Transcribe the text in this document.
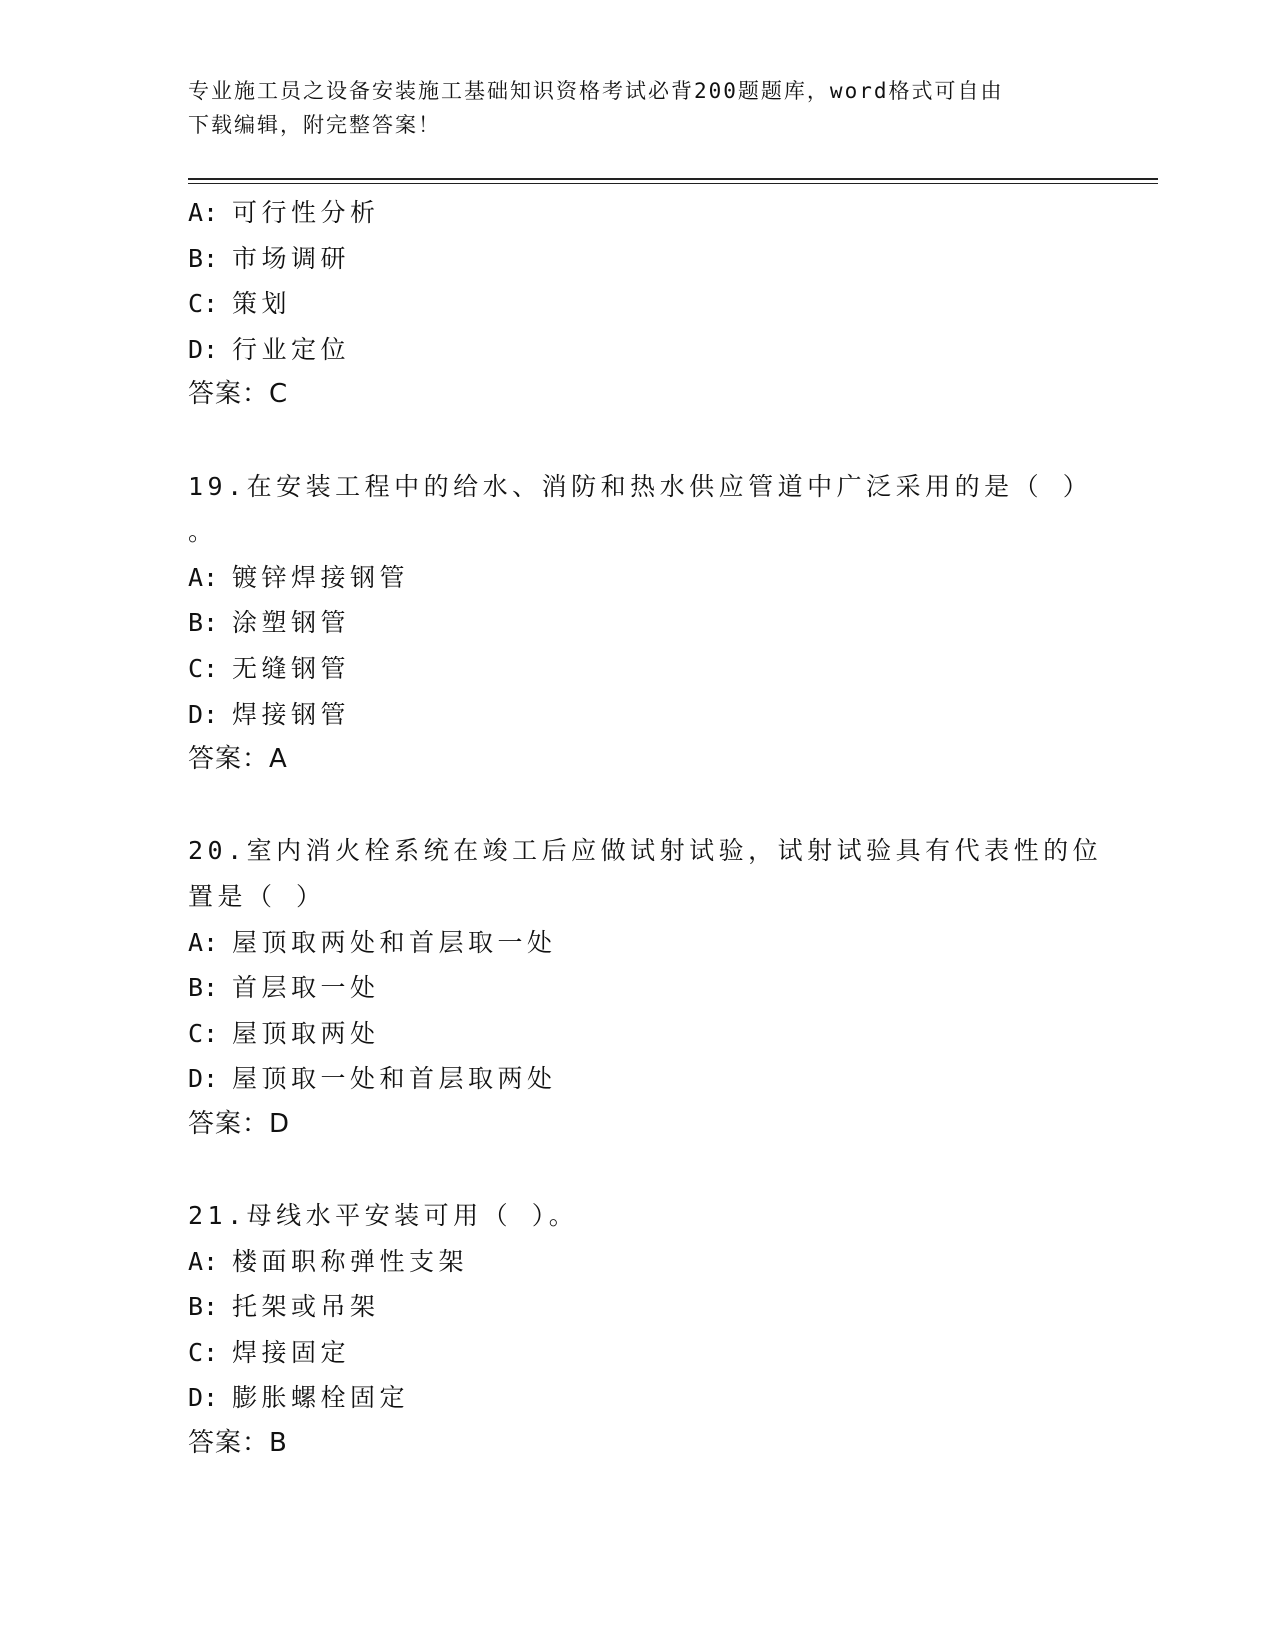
专业施工员之设备安装施工基础知识资格考试必背200题题库，word格式可自由
下载编辑，附完整答案！
A: 可行性分析
B: 市场调研
C: 策划
D: 行业定位
答案：C
19.在安装工程中的给水、消防和热水供应管道中广泛采用的是（ ）
。
A: 镀锌焊接钢管
B: 涂塑钢管
C: 无缝钢管
D: 焊接钢管
答案：A
20.室内消火栓系统在竣工后应做试射试验，试射试验具有代表性的位
置是（ ）
A: 屋顶取两处和首层取一处
B: 首层取一处
C: 屋顶取两处
D: 屋顶取一处和首层取两处
答案：D
21.母线水平安装可用（ ）。
A: 楼面职称弹性支架
B: 托架或吊架
C: 焊接固定
D: 膨胀螺栓固定
答案：B
